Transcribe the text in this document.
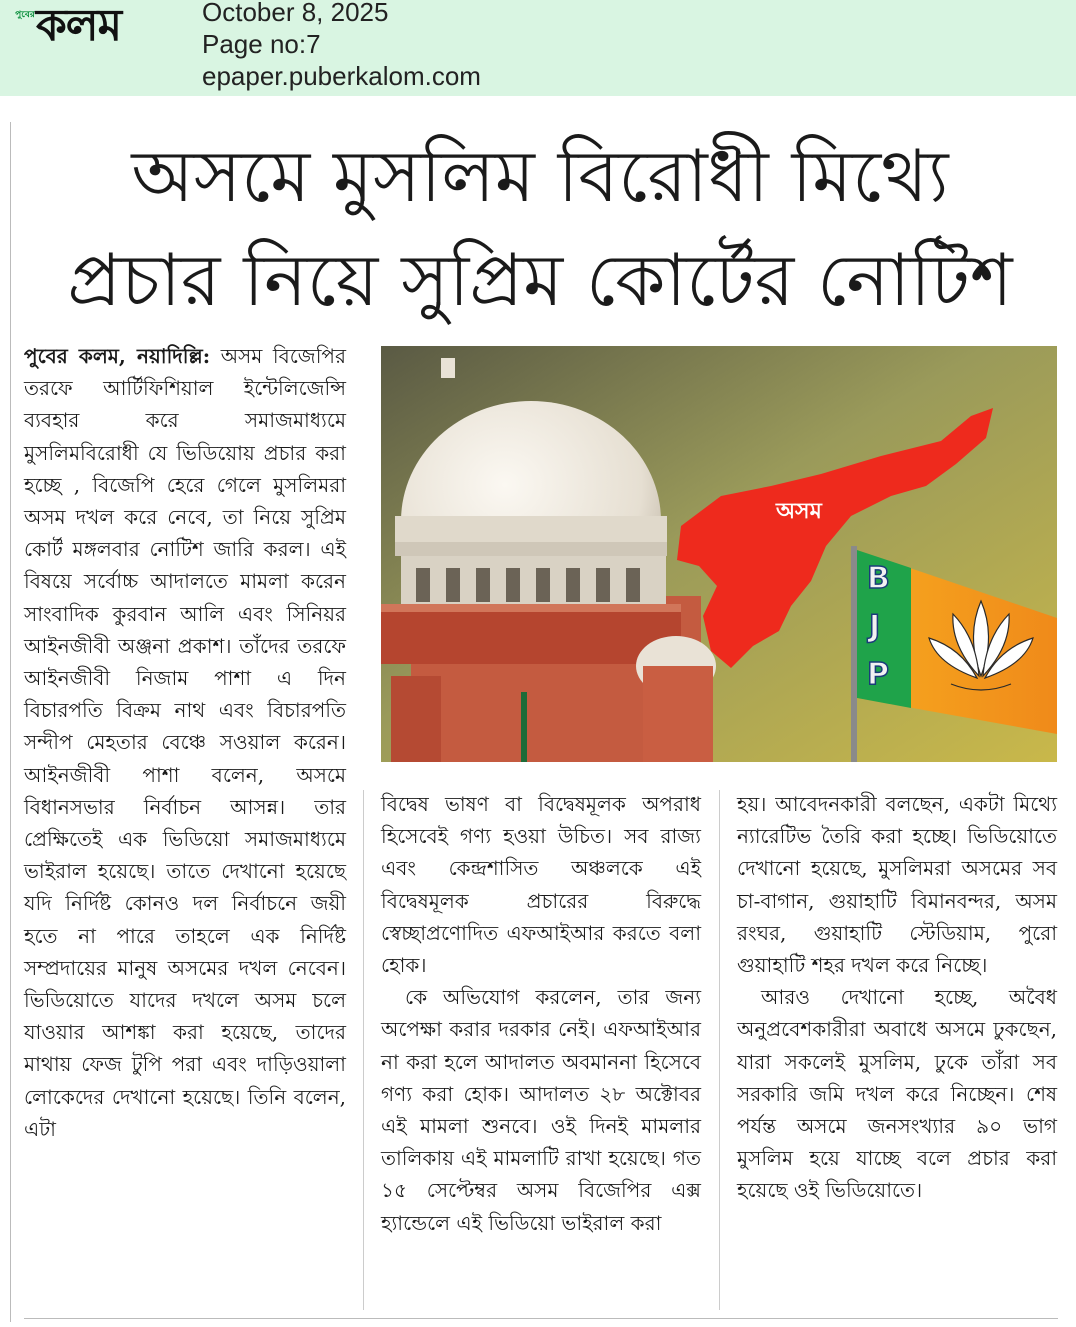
পুবের কলম	October 8, 2025
Page no:7
epaper.puberkalom.com
অসমে মুসলিম বিরোধী মিথ্যে
প্রচার নিয়ে সুপ্রিম কোর্টের নোটিশ

পুবের কলম, নয়াদিল্লি: অসম বিজেপির তরফে আর্টিফিশিয়াল ইন্টেলিজেন্সি ব্যবহার করে সমাজমাধ্যমে মুসলিমবিরোধী যে ভিডিয়োয় প্রচার করা হচ্ছে , বিজেপি হেরে গেলে মুসলিমরা অসম দখল করে নেবে, তা নিয়ে সুপ্রিম কোর্ট মঙ্গলবার নোটিশ জারি করল। এই বিষয়ে সর্বোচ্চ আদালতে মামলা করেন সাংবাদিক কুরবান আলি এবং সিনিয়র আইনজীবী অঞ্জনা প্রকাশ। তাঁদের তরফে আইনজীবী নিজাম পাশা এ দিন বিচারপতি বিক্রম নাথ এবং বিচারপতি সন্দীপ মেহতার বেঞ্চে সওয়াল করেন। আইনজীবী পাশা বলেন, অসমে বিধানসভার নির্বাচন আসন্ন। তার প্রেক্ষিতেই এক ভিডিয়ো সমাজমাধ্যমে ভাইরাল হয়েছে। তাতে দেখানো হয়েছে যদি নির্দিষ্ট কোনও দল নির্বাচনে জয়ী হতে না পারে তাহলে এক নির্দিষ্ট সম্প্রদায়ের মানুষ অসমের দখল নেবেন। ভিডিয়োতে যাদের দখলে অসম চলে যাওয়ার আশঙ্কা করা হয়েছে, তাদের মাথায় ফেজ টুপি পরা এবং দাড়িওয়ালা লোকেদের দেখানো হয়েছে। তিনি বলেন, এটা

অসম
B
J
P

বিদ্বেষ ভাষণ বা বিদ্বেষমূলক অপরাধ হিসেবেই গণ্য হওয়া উচিত। সব রাজ্য এবং কেন্দ্রশাসিত অঞ্চলকে এই বিদ্বেষমূলক প্রচারের বিরুদ্ধে স্বেচ্ছাপ্রণোদিত এফআইআর করতে বলা হোক।

কে অভিযোগ করলেন, তার জন্য অপেক্ষা করার দরকার নেই। এফআইআর না করা হলে আদালত অবমাননা হিসেবে গণ্য করা হোক। আদালত ২৮ অক্টোবর এই মামলা শুনবে। ওই দিনই মামলার তালিকায় এই মামলাটি রাখা হয়েছে। গত ১৫ সেপ্টেম্বর অসম বিজেপির এক্স হ্যান্ডেলে এই ভিডিয়ো ভাইরাল করা

হয়। আবেদনকারী বলছেন, একটা মিথ্যে ন্যারেটিভ তৈরি করা হচ্ছে। ভিডিয়োতে দেখানো হয়েছে, মুসলিমরা অসমের সব চা-বাগান, গুয়াহাটি বিমানবন্দর, অসম রংঘর, গুয়াহাটি স্টেডিয়াম, পুরো গুয়াহাটি শহর দখল করে নিচ্ছে।

আরও দেখানো হচ্ছে, অবৈধ অনুপ্রবেশকারীরা অবাধে অসমে ঢুকছেন, যারা সকলেই মুসলিম, ঢুকে তাঁরা সব সরকারি জমি দখল করে নিচ্ছেন। শেষ পর্যন্ত অসমে জনসংখ্যার ৯০ ভাগ মুসলিম হয়ে যাচ্ছে বলে প্রচার করা হয়েছে ওই ভিডিয়োতে।
